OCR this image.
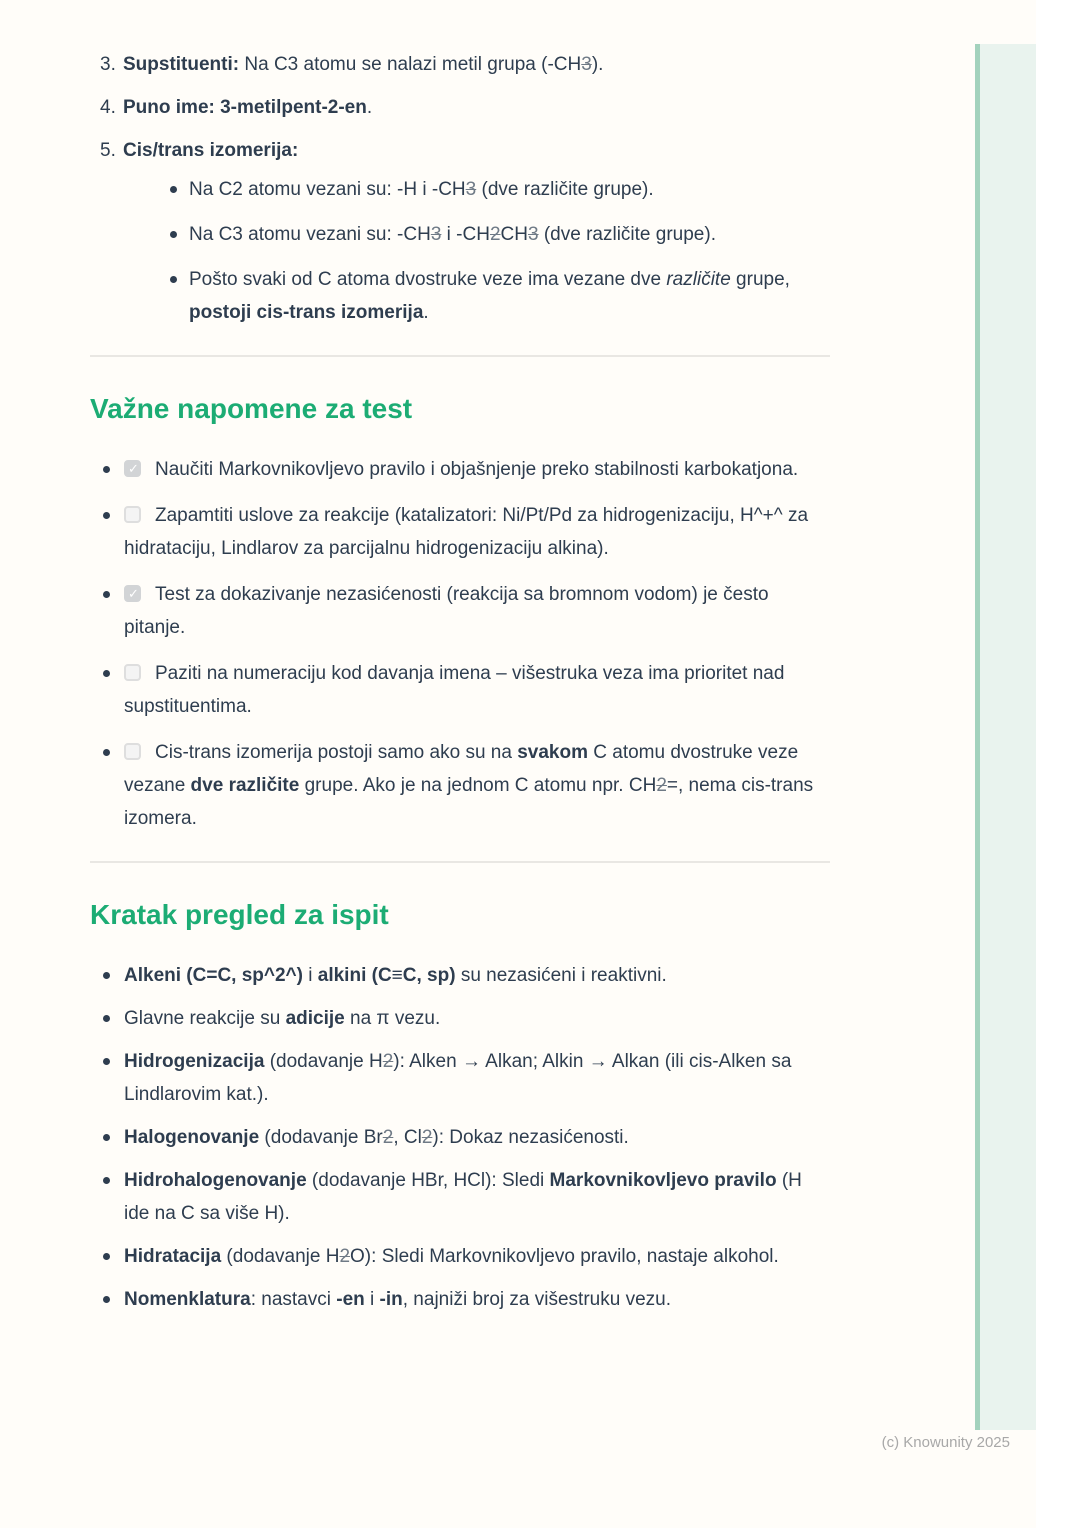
3. Supstituenti: Na C3 atomu se nalazi metil grupa (-CH3).
4. Puno ime: 3-metilpent-2-en.
5. Cis/trans izomerija:
Na C2 atomu vezani su: -H i -CH3 (dve različite grupe).
Na C3 atomu vezani su: -CH3 i -CH2CH3 (dve različite grupe).
Pošto svaki od C atoma dvostruke veze ima vezane dve različite grupe, postoji cis-trans izomerija.
Važne napomene za test
✓Naučiti Markovnikovljevo pravilo i objašnjenje preko stabilnosti karbokatjona.
Zapamtiti uslove za reakcije (katalizatori: Ni/Pt/Pd za hidrogenizaciju, H^+^ za hidrataciju, Lindlarov za parcijalnu hidrogenizaciju alkina).
✓Test za dokazivanje nezasićenosti (reakcija sa bromnom vodom) je često pitanje.
Paziti na numeraciju kod davanja imena – višestruka veza ima prioritet nad supstituentima.
Cis-trans izomerija postoji samo ako su na svakom C atomu dvostruke veze vezane dve različite grupe. Ako je na jednom C atomu npr. CH2=, nema cis-trans izomera.
Kratak pregled za ispit
Alkeni (C=C, sp^2^) i alkini (C≡C, sp) su nezasićeni i reaktivni.
Glavne reakcije su adicije na π vezu.
Hidrogenizacija (dodavanje H2): Alken → Alkan; Alkin → Alkan (ili cis-Alken sa Lindlarovim kat.).
Halogenovanje (dodavanje Br2, Cl2): Dokaz nezasićenosti.
Hidrohalogenovanje (dodavanje HBr, HCl): Sledi Markovnikovljevo pravilo (H ide na C sa više H).
Hidratacija (dodavanje H2O): Sledi Markovnikovljevo pravilo, nastaje alkohol.
Nomenklatura: nastavci -en i -in, najniži broj za višestruku vezu.
(c) Knowunity 2025
